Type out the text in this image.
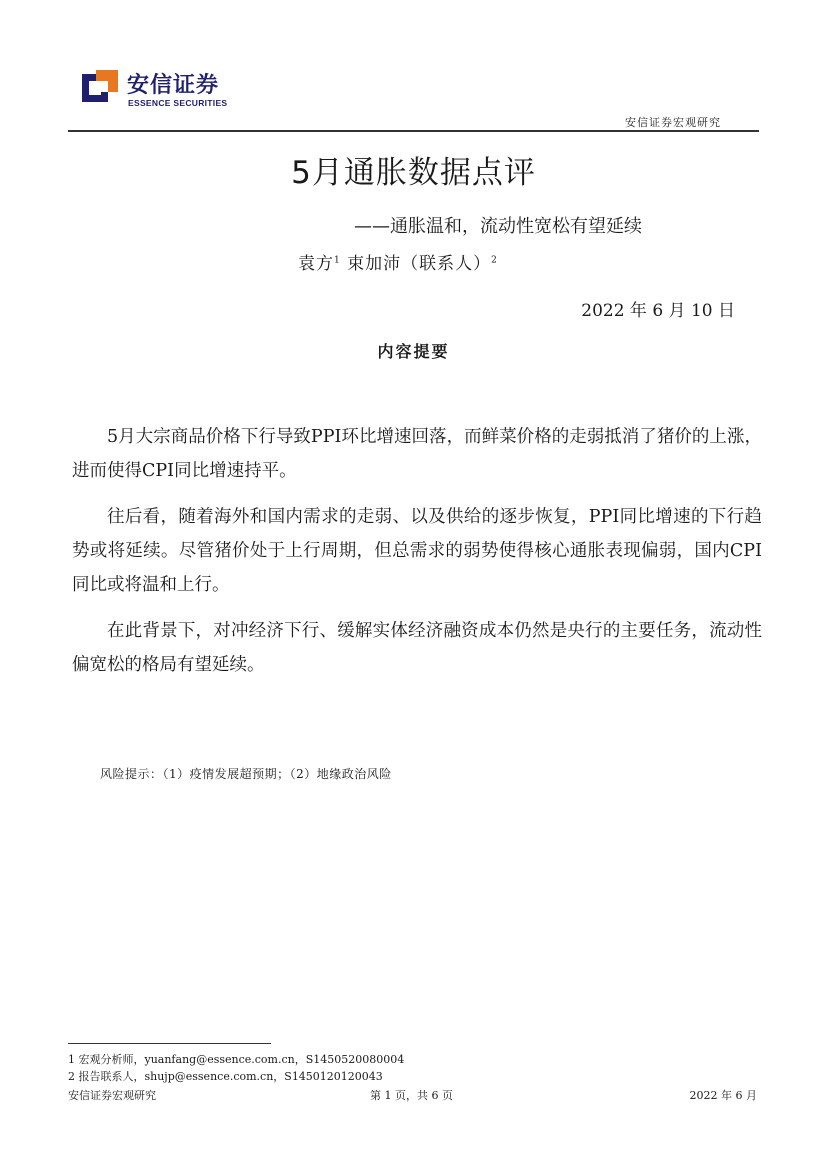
安信证券
ESSENCE SECURITIES
安信证券宏观研究
5月通胀数据点评
——通胀温和，流动性宽松有望延续
袁方$^1$ 束加沛（联系人）$^2$
2022 年 6 月 10 日
内容提要

5月大宗商品价格下行导致PPI环比增速回落，而鲜菜价格的走弱抵消了猪价的上涨，进而使得CPI同比增速持平。

往后看，随着海外和国内需求的走弱、以及供给的逐步恢复，PPI同比增速的下行趋势或将延续。尽管猪价处于上行周期，但总需求的弱势使得核心通胀表现偏弱，国内CPI同比或将温和上行。

在此背景下，对冲经济下行、缓解实体经济融资成本仍然是央行的主要任务，流动性偏宽松的格局有望延续。

风险提示：（1）疫情发展超预期；（2）地缘政治风险
1 宏观分析师，yuanfang@essence.com.cn，S1450520080004
2 报告联系人，shujp@essence.com.cn，S1450120120043
安信证券宏观研究	第 1 页，共 6 页	2022 年 6 月
